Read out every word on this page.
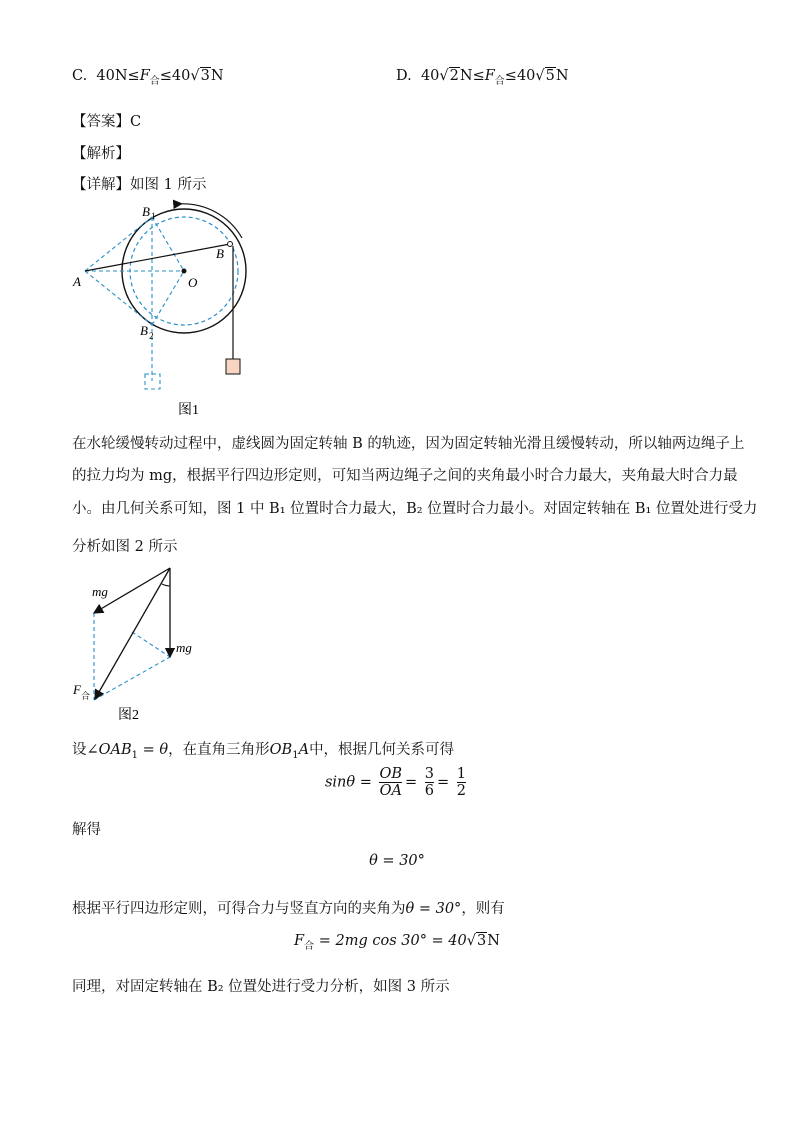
C. $40N\le F_合\le 40√3N$	D. $40√2N\le F_合\le 40√5N$
【答案】C
【解析】
【详解】如图 1 所示
B 1
B
A	O
B 2
图1
在水轮缓慢转动过程中，虚线圆为固定转轴 B 的轨迹，因为固定转轴光滑且缓慢转动，所以轴两边绳子上
的拉力均为 mg，根据平行四边形定则，可知当两边绳子之间的夹角最小时合力最大，夹角最大时合力最
小。由几何关系可知，图 1 中 B₁ 位置时合力最大，B₂ 位置时合力最小。对固定转轴在 B₁ 位置处进行受力
分析如图 2 所示
mg
mg
F 合
图2
设$\angle OAB_1 = \theta$，在直角三角形$OB_1A$中，根据几何关系可得
$\sin\theta = \frac{OB}{OA} = \frac{3}{6} = \frac{1}{2}$
解得
θ = 30°
根据平行四边形定则，可得合力与竖直方向的夹角为θ = 30°，则有
$F_合 = 2mg$ cos 30° = 40√3N
同理，对固定转轴在 B₂ 位置处进行受力分析，如图 3 所示
